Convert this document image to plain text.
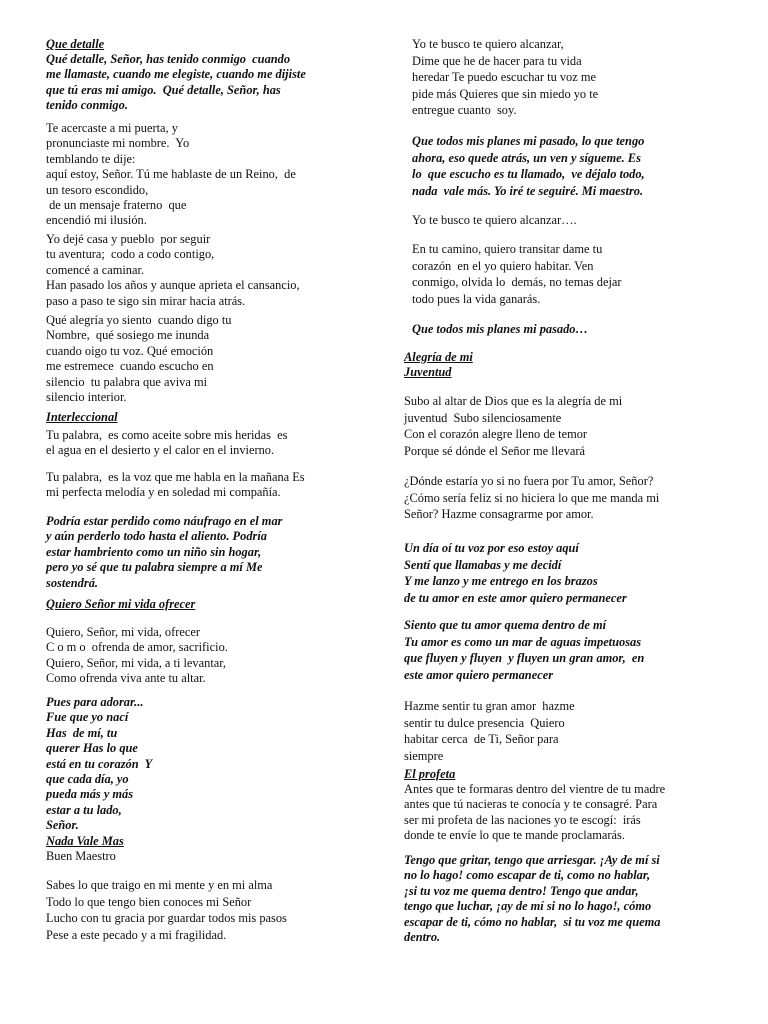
Que detalle
Qué detalle, Señor, has tenido conmigo  cuando
me llamaste, cuando me elegiste, cuando me dijiste
que tú eras mi amigo.  Qué detalle, Señor, has
tenido conmigo.
Te acercaste a mi puerta, y
pronunciaste mi nombre.  Yo
temblando te dije:
aquí estoy, Señor. Tú me hablaste de un Reino,  de
un tesoro escondido,
de un mensaje fraterno  que
encendió mi ilusión.
Yo dejé casa y pueblo  por seguir
tu aventura;  codo a codo contigo,
comencé a caminar.
Han pasado los años y aunque aprieta el cansancio,
paso a paso te sigo sin mirar hacia atrás.
Qué alegría yo siento  cuando digo tu
Nombre,  qué sosiego me inunda
cuando oigo tu voz. Qué emoción
me estremece  cuando escucho en
silencio  tu palabra que aviva mi
silencio interior.
Interleccional
Tu palabra,  es como aceite sobre mis heridas  es
el agua en el desierto y el calor en el invierno.
Tu palabra,  es la voz que me habla en la mañana Es
mi perfecta melodía y en soledad mi compañía.
Podría estar perdido como náufrago en el mar
y aún perderlo todo hasta el aliento. Podría
estar hambriento como un niño sin hogar,
pero yo sé que tu palabra siempre a mí Me
sostendrá.
Quiero Señor mi vida ofrecer
Quiero, Señor, mi vida, ofrecer
C o m o  ofrenda de amor, sacrificio.
Quiero, Señor, mi vida, a ti levantar,
Como ofrenda viva ante tu altar.
Pues para adorar...
Fue que yo nací
Has  de mí, tu
querer Has lo que
está en tu corazón  Y
que cada día, yo
pueda más y más
estar a tu lado,
Señor.
Nada Vale Mas
Buen Maestro
Sabes lo que traigo en mi mente y en mi alma
Todo lo que tengo bien conoces mi Señor
Lucho con tu gracia por guardar todos mis pasos
Pese a este pecado y a mi fragilidad.
Yo te busco te quiero alcanzar,
Dime que he de hacer para tu vida
heredar Te puedo escuchar tu voz me
pide más Quieres que sin miedo yo te
entregue cuanto  soy.
Que todos mis planes mi pasado, lo que tengo
ahora, eso quede atrás, un ven y sígueme. Es
lo  que escucho es tu llamado,  ve déjalo todo,
nada  vale más. Yo iré te seguiré. Mi maestro.
Yo te busco te quiero alcanzar….
En tu camino, quiero transitar dame tu
corazón  en el yo quiero habitar. Ven
conmigo, olvida lo  demás, no temas dejar
todo pues la vida ganarás.
Que todos mis planes mi pasado…
Alegría de mi
Juventud
Subo al altar de Dios que es la alegría de mi
juventud  Subo silenciosamente
Con el corazón alegre lleno de temor
Porque sé dónde el Señor me llevará
¿Dónde estaría yo si no fuera por Tu amor, Señor?
¿Cómo sería feliz si no hiciera lo que me manda mi
Señor? Hazme consagrarme por amor.
Un día oí tu voz por eso estoy aquí
Sentí que llamabas y me decidí
Y me lanzo y me entrego en los brazos
de tu amor en este amor quiero permanecer
Siento que tu amor quema dentro de mí
Tu amor es como un mar de aguas impetuosas
que fluyen y fluyen  y fluyen un gran amor,  en
este amor quiero permanecer
Hazme sentir tu gran amor  hazme
sentir tu dulce presencia  Quiero
habitar cerca  de Ti, Señor para
siempre
El profeta
Antes que te formaras dentro del vientre de tu madre
antes que tú nacieras te conocía y te consagré. Para
ser mi profeta de las naciones yo te escogí:  irás
donde te envíe lo que te mande proclamarás.
Tengo que gritar, tengo que arriesgar. ¡Ay de mí si
no lo hago! como escapar de ti, como no hablar,
¡si tu voz me quema dentro! Tengo que andar,
tengo que luchar, ¡ay de mí si no lo hago!, cómo
escapar de ti, cómo no hablar,  si tu voz me quema
dentro.
